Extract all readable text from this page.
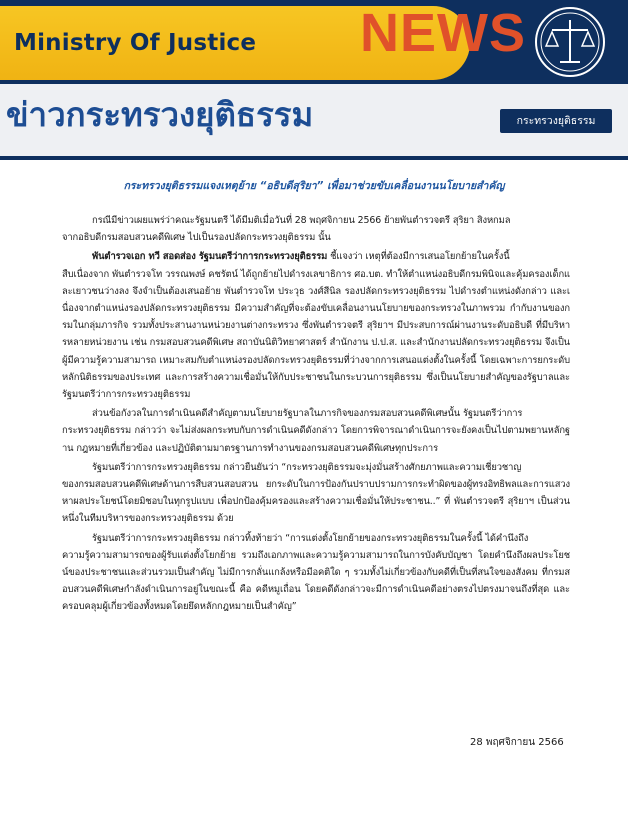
Ministry Of Justice NEWS
ข่าวกระทรวงยุติธรรม	กระทรวงยุติธรรม
กระทรวงยุติธรรมแจงเหตุย้าย “อธิบดีสุริยา” เพื่อมาช่วยขับเคลื่อนงานนโยบายสำคัญ

กรณีมีข่าวเผยแพร่ว่าคณะรัฐมนตรี ได้มีมติเมื่อวันที่ 28 พฤศจิกายน 2566 ย้ายพันตำรวจตรี สุริยา สิงหกมล
จากอธิบดีกรมสอบสวนคดีพิเศษ ไปเป็นรองปลัดกระทรวงยุติธรรม นั้น

พันตำรวจเอก ทวี สอดส่อง รัฐมนตรีว่าการกระทรวงยุติธรรม ชี้แจงว่า เหตุที่ต้องมีการเสนอโยกย้ายในครั้งนี้
สืบเนื่องจาก พันตำรวจโท วรรณพงษ์ คชรัตน์ ได้ถูกย้ายไปดำรงเลขาธิการ ศอ.บต. ทำให้ตำแหน่งอธิบดีกรมพินิจและคุ้มครองเด็กและเยาวชนว่างลง จึงจำเป็นต้องเสนอย้าย พันตำรวจโท ประวุธ วงศ์สีนิล รองปลัดกระทรวงยุติธรรม ไปดำรงตำแหน่งดังกล่าว และเนื่องจากตำแหน่งรองปลัดกระทรวงยุติธรรม มีความสำคัญที่จะต้องขับเคลื่อนงานนโยบายของกระทรวงในภาพรวม กำกับงานของกรมในกลุ่มภารกิจ รวมทั้งประสานงานหน่วยงานต่างกระทรวง ซึ่งพันตำรวจตรี สุริยาฯ มีประสบการณ์ผ่านงานระดับอธิบดี ที่มีบริหารหลายหน่วยงาน เช่น กรมสอบสวนคดีพิเศษ สถาบันนิติวิทยาศาสตร์ สำนักงาน ป.ป.ส. และสำนักงานปลัดกระทรวงยุติธรรม จึงเป็นผู้มีความรู้ความสามารถ เหมาะสมกับตำแหน่งรองปลัดกระทรวงยุติธรรมที่ว่างจากการเสนอแต่งตั้งในครั้งนี้ โดยเฉพาะการยกระดับหลักนิติธรรมของประเทศ และการสร้างความเชื่อมั่นให้กับประชาชนในกระบวนการยุติธรรม ซึ่งเป็นนโยบายสำคัญของรัฐบาลและรัฐมนตรีว่าการกระทรวงยุติธรรม

ส่วนข้อกังวลในการดำเนินคดีสำคัญตามนโยบายรัฐบาลในภารกิจของกรมสอบสวนคดีพิเศษนั้น รัฐมนตรีว่าการ
กระทรวงยุติธรรม กล่าวว่า จะไม่ส่งผลกระทบกับการดำเนินคดีดังกล่าว โดยการพิจารณาดำเนินการจะยังคงเป็นไปตามพยานหลักฐาน กฎหมายที่เกี่ยวข้อง และปฏิบัติตามมาตรฐานการทำงานของกรมสอบสวนคดีพิเศษทุกประการ

รัฐมนตรีว่าการกระทรวงยุติธรรม กล่าวยืนยันว่า “กระทรวงยุติธรรมจะมุ่งมั่นสร้างศักยภาพและความเชี่ยวชาญ
ของกรมสอบสวนคดีพิเศษด้านการสืบสวนสอบสวน ยกระดับในการป้องกันปราบปรามการกระทำผิดของผู้ทรงอิทธิพลและการแสวงหาผลประโยชน์โดยมิชอบในทุกรูปแบบ เพื่อปกป้องคุ้มครองและสร้างความเชื่อมั่นให้ประชาชน..” ที่ พันตำรวจตรี สุริยาฯ เป็นส่วนหนึ่งในทีมบริหารของกระทรวงยุติธรรม ด้วย

รัฐมนตรีว่าการกระทรวงยุติธรรม กล่าวทิ้งท้ายว่า “การแต่งตั้งโยกย้ายของกระทรวงยุติธรรมในครั้งนี้ ได้คำนึงถึง
ความรู้ความสามารถของผู้รับแต่งตั้งโยกย้าย รวมถึงเอกภาพและความรู้ความสามารถในการบังคับบัญชา โดยคำนึงถึงผลประโยชน์ของประชาชนและส่วนรวมเป็นสำคัญ ไม่มีการกลั่นแกล้งหรือมีอคติใด ๆ รวมทั้งไม่เกี่ยวข้องกับคดีที่เป็นที่สนใจของสังคม ที่กรมสอบสวนคดีพิเศษกำลังดำเนินการอยู่ในขณะนี้ คือ คดีหมูเถื่อน โดยคดีดังกล่าวจะมีการดำเนินคดีอย่างตรงไปตรงมาจนถึงที่สุด และครอบคลุมผู้เกี่ยวข้องทั้งหมดโดยยึดหลักกฎหมายเป็นสำคัญ”

28 พฤศจิกายน 2566
